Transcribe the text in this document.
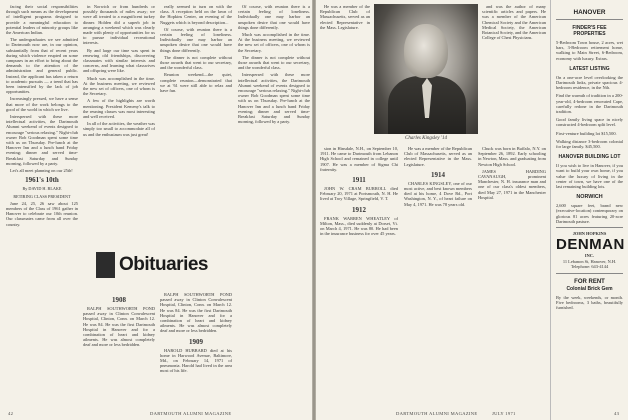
facing their social responsibilities through such means as the development of intelligent programs designed to provide a meaningful education to potential leaders of minority groups like the American Indian.

The undergraduates we see admitted to Dartmouth now are, in our opinion, substantially from that of recent years during which violence erupted on some campuses in an effort to bring about the demands to the attention of the administration and general public. Instead, the applicant has taken a return to academic pursuits — a trend that has been intensified by the lack of job opportunities.

Increasingly pressed, we have a sense that more of the work belongs to the good of the world in which we live.

Interspersed with these more intellectual activities, the Dartmouth Alumni weekend of events designed to encourage "serious relaxing." Night-club owner Bob Goodman spent some time with us on Thursday. Pre-lunch at the Hanover Inn and a lunch band Friday evening; dinner and served time-Breakfast Saturday and Sunday morning, followed by a party.

Let's all meet planning on our 25th!

1961's 10th

By DAVID H. BLAKE

RETIRING CLASS PRESIDENT

June 24, 25, 26 saw about 125 members of the Class of 1961 gather in Hanover to celebrate our 10th reunion. Our classmates came from all over the country.

in Norwich or from hundreds or possibly thousands of miles away; we were all treated to a magnificent turkey dinner. Holden did a superb job in arranging a weekend which was clearly made with plenty of opportunities for us to pursue individual recreational interests.

By and large our time was spent in renewing old friendships, discovering classmates with similar interests and concerns, and learning what classwives and offspring were like.

Much was accomplished in the time. At the business meeting, we reviewed the new set of officers, one of whom is the Secretary.

A few of the highlights are worth mentioning. President Kemeny's talk to the reuning classes was most interesting and well received.

In all of the activities, the weather was simply too small to accommodate all of us and the enthusiasm was just great!

really seemed to turn on with the class. A reception held on the lawn of the Hopkins Center, an evening of the Nuggets which is beyond description...

Of course, with reunion there is a certain feeling of loneliness. Individually one may harbor an unspoken desire that one would have things done differently.

The dinner is not complete without those awards that went to our secretary, and the wonderful class.

Reunion weekend—the quiet, complete reunion—demonstrated that we at '61 were still able to relax and have fun.

Obituaries

1908

RALPH SOUTHWORTH POND passed away in Clinton Convalescent Hospital, Clinton, Conn. on March 12. He was 84. He was the first Dartmouth Hospital in Hanover and for a combination of heart and kidney ailments. He was almost completely deaf and more or less bedridden.

RALPH SOUTHWORTH POND passed away in Clinton Convalescent Hospital, Clinton, Conn. on March 12. He was 84. He was the first Dartmouth Hospital in Hanover and for a combination of heart and kidney ailments. He was almost completely deaf and more or less bedridden.

1909

HAROLD HUBBARD died at his home in Harwood Avenue, Baltimore, Md., on February 14, 1971 of pneumonia. Harold had lived in the area most of his life.

Of course, with reunion there is a certain feeling of loneliness. Individually one may harbor an unspoken desire that one would have things done differently.

Much was accomplished in the time. At the business meeting, we reviewed the new set of officers, one of whom is the Secretary.

The dinner is not complete without those awards that went to our secretary, and the wonderful class.

Interspersed with these more intellectual activities, the Dartmouth Alumni weekend of events designed to encourage "serious relaxing." Night-club owner Bob Goodman spent some time with us on Thursday. Pre-lunch at the Hanover Inn and a lunch band Friday evening; dinner and served time-Breakfast Saturday and Sunday morning, followed by a party.

42	DARTMOUTH ALUMNI MAGAZINE
Charles Kingsley '14

He was a member of the Republican Club of Massachusetts, served as an elected Representative in the Mass. Legislature.

sion in Hinsdale, N.H., on September 10, 1911. He came to Dartmouth from Lebanon High School and remained in college until 1907. He was a member of Sigma Chi fraternity.

1911

JOHN W. CRAM BURROLL died February 20, 1971 at Portsmouth, N. H. He lived at Troy Village, Springfield, V. T.

1912

FRANK WARREN WHEATLEY of Milton, Mass., died suddenly at Dorset, Vt. on March 4, 1971. He was 80. He had been in the insurance business for over 45 years.

and was the author of many scientific articles and papers. He was a member of the American Chemical Society and the American Medical Society, the American Botanical Society, and the American College of Chest Physicians.

He was a member of the Republican Club of Massachusetts, served as an elected Representative in the Mass. Legislature.

1914

CHARLES KINGSLEY, one of our most active, and best known members died at his home, 4 Dove Rd., Port Washington, N. Y., of heart failure on May 4, 1971. He was 78 years old.

Chuck was born in Buffalo, N.Y. on September 26, 1892. Early schooling in Newton, Mass. and graduating from Newton High School.

JAMES HARDING CAVANAUGH, prominent Manchester, N. H. insurance man and one of our class's oldest members, died May 27, 1971 in the Manchester Hospital.

HANOVER
FINDER'S FEE PROPERTIES
5-Bedroom Town house, 2 acres, wet bars, 3-Bedroom retirement home, walking to Main Street, 6-Bedroom, economy with luxury. Extras.
LATEST LISTING
On a one-acre level overlooking the Dartmouth links, private spacious 4-bedroom residence, in the Nth.
Find the warmth of tradition in a 200-year-old, 4-bedroom renovated Cape, carefully redone in the Dartmouth tradition.
Good family living space in nicely constructed 4-bedroom split level.
First-venture building lot $15,500.
Walking distance 3-bedroom colonial for large family. $45,500.
HANOVER BUILDING LOT
If you wish to live in Hanover, if you want to build your own home, if you value the luxury of living in the center of town, we have one of the last remaining building lots.
NORWICH
2,600 square feet, brand new (executive-location) contemporary on glorious 81 acres featuring 20-acre Dartmouth pasture.
JOHN HOPKINS
DENMAN
INC.
11 Lebanon St, Hanover, N.H.
Telephone: 643-4144
FOR RENT
Colonial Brick Gem
By the week, weekends, or month. Five bedrooms, 3 baths, beautifully furnished.
DARTMOUTH ALUMNI MAGAZINE	JULY 1971	43
